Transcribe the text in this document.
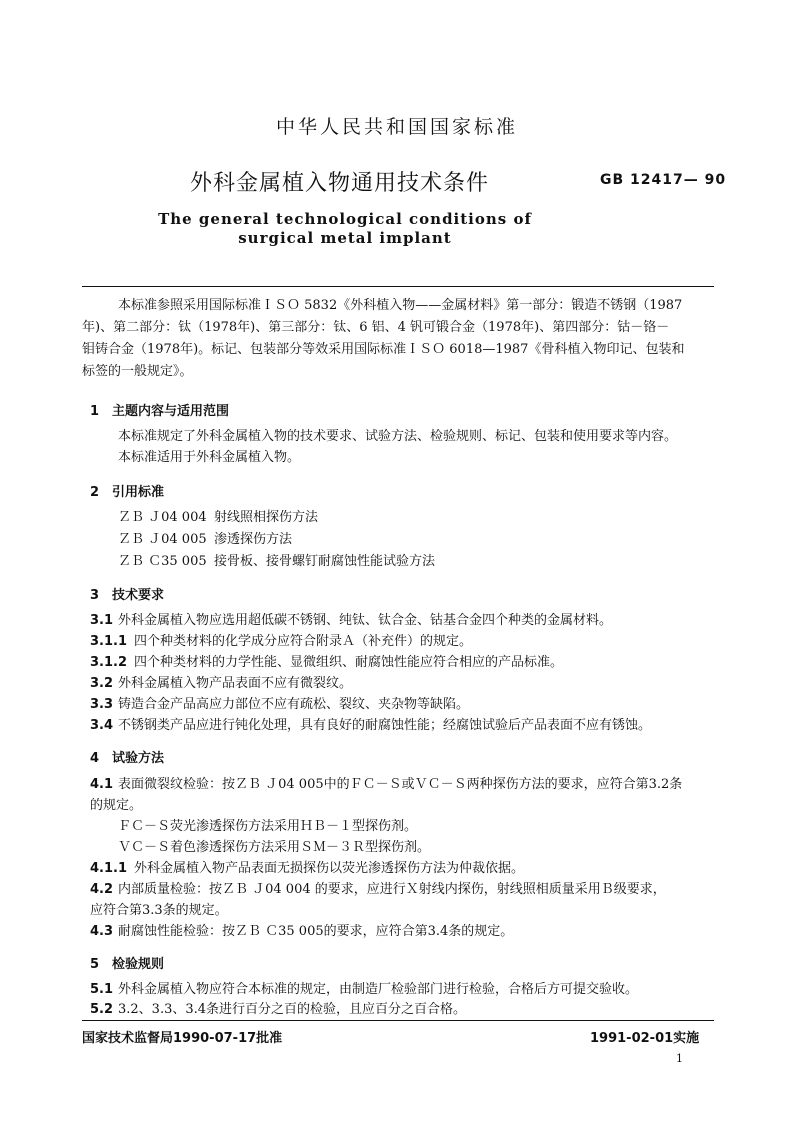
中华人民共和国国家标准
外科金属植入物通用技术条件	GB 12417— 90
The general technological conditions of
surgical metal implant
本标准参照采用国际标准ＩＳＯ 5832《外科植入物——金属材料》第一部分：锻造不锈钢（1987
年)、第二部分：钛（1978年)、第三部分：钛、6 铝、4 钒可锻合金（1978年)、第四部分：钴－铬－
钼铸合金（1978年)。标记、包装部分等效采用国际标准ＩＳＯ 6018—1987《骨科植入物印记、包装和
标签的一般规定》。
1　主题内容与适用范围
本标准规定了外科金属植入物的技术要求、试验方法、检验规则、标记、包装和使用要求等内容。
本标准适用于外科金属植入物。
2　引用标准
ＺＢ Ｊ04 004 射线照相探伤方法
ＺＢ Ｊ04 005 渗透探伤方法
ＺＢ Ｃ35 005 接骨板、接骨螺钉耐腐蚀性能试验方法
3　技术要求
3.1 外科金属植入物应选用超低碳不锈钢、纯钛、钛合金、钴基合金四个种类的金属材料。
3.1.1 四个种类材料的化学成分应符合附录Ａ（补充件）的规定。
3.1.2 四个种类材料的力学性能、显微组织、耐腐蚀性能应符合相应的产品标准。
3.2 外科金属植入物产品表面不应有微裂纹。
3.3 铸造合金产品高应力部位不应有疏松、裂纹、夹杂物等缺陷。
3.4 不锈钢类产品应进行钝化处理，具有良好的耐腐蚀性能；经腐蚀试验后产品表面不应有锈蚀。
4　试验方法
4.1 表面微裂纹检验：按ＺＢ Ｊ04 005中的ＦＣ－Ｓ或ＶＣ－Ｓ两种探伤方法的要求，应符合第3.2条
的规定。
ＦＣ－Ｓ荧光渗透探伤方法采用ＨＢ－１型探伤剂。
ＶＣ－Ｓ着色渗透探伤方法采用ＳＭ－３Ｒ型探伤剂。
4.1.1 外科金属植入物产品表面无损探伤以荧光渗透探伤方法为仲裁依据。
4.2 内部质量检验：按ＺＢ Ｊ04 004 的要求，应进行Ｘ射线内探伤，射线照相质量采用Ｂ级要求，
应符合第3.3条的规定。
4.3 耐腐蚀性能检验：按ＺＢ Ｃ35 005的要求，应符合第3.4条的规定。
5　检验规则
5.1 外科金属植入物应符合本标准的规定，由制造厂检验部门进行检验，合格后方可提交验收。
5.2 3.2、3.3、3.4条进行百分之百的检验，且应百分之百合格。
国家技术监督局1990-07-17批准	1991-02-01实施
1
